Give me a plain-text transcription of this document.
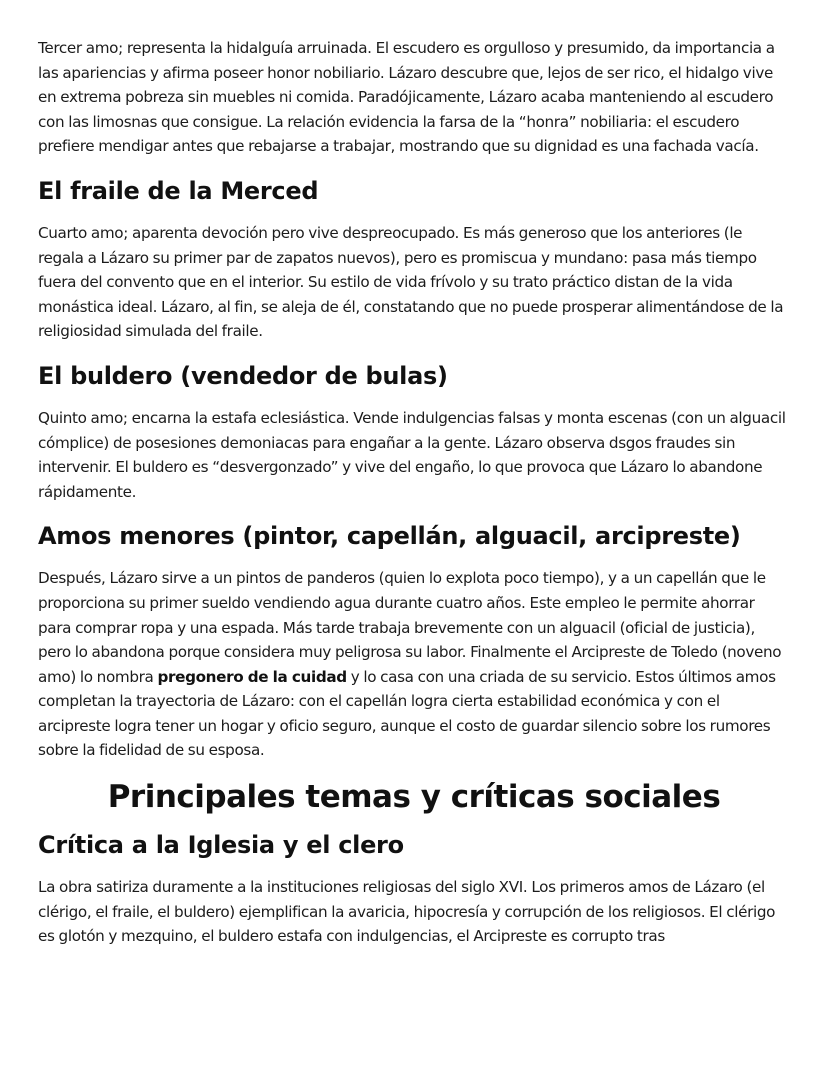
Tercer amo; representa la hidalguía arruinada. El escudero es orgulloso y presumido, da importancia a las apariencias y afirma poseer honor nobiliario. Lázaro descubre que, lejos de ser rico, el hidalgo vive en extrema pobreza sin muebles ni comida. Paradójicamente, Lázaro acaba manteniendo al escudero con las limosnas que consigue. La relación evidencia la farsa de la “honra” nobiliaria: el escudero prefiere mendigar antes que rebajarse a trabajar, mostrando que su dignidad es una fachada vacía.

El fraile de la Merced

Cuarto amo; aparenta devoción pero vive despreocupado. Es más generoso que los anteriores (le regala a Lázaro su primer par de zapatos nuevos), pero es promiscua y mundano: pasa más tiempo fuera del convento que en el interior. Su estilo de vida frívolo y su trato práctico distan de la vida monástica ideal. Lázaro, al fin, se aleja de él, constatando que no puede prosperar alimentándose de la religiosidad simulada del fraile.

El buldero (vendedor de bulas)

Quinto amo; encarna la estafa eclesiástica. Vende indulgencias falsas y monta escenas (con un alguacil cómplice) de posesiones demoniacas para engañar a la gente. Lázaro observa dsgos fraudes sin intervenir. El buldero es “desvergonzado” y vive del engaño, lo que provoca que Lázaro lo abandone rápidamente.

Amos menores (pintor, capellán, alguacil, arcipreste)

Después, Lázaro sirve a un pintos de panderos (quien lo explota poco tiempo), y a un capellán que le proporciona su primer sueldo vendiendo agua durante cuatro años. Este empleo le permite ahorrar para comprar ropa y una espada. Más tarde trabaja brevemente con un alguacil (oficial de justicia), pero lo abandona porque considera muy peligrosa su labor. Finalmente el Arcipreste de Toledo (noveno amo) lo nombra pregonero de la cuidad y lo casa con una criada de su servicio. Estos últimos amos completan la trayectoria de Lázaro: con el capellán logra cierta estabilidad económica y con el arcipreste logra tener un hogar y oficio seguro, aunque el costo de guardar silencio sobre los rumores sobre la fidelidad de su esposa.

Principales temas y críticas sociales
Crítica a la Iglesia y el clero

La obra satiriza duramente a la instituciones religiosas del siglo XVI. Los primeros amos de Lázaro (el clérigo, el fraile, el buldero) ejemplifican la avaricia, hipocresía y corrupción de los religiosos. El clérigo es glotón y mezquino, el buldero estafa con indulgencias, el Arcipreste es corrupto tras
